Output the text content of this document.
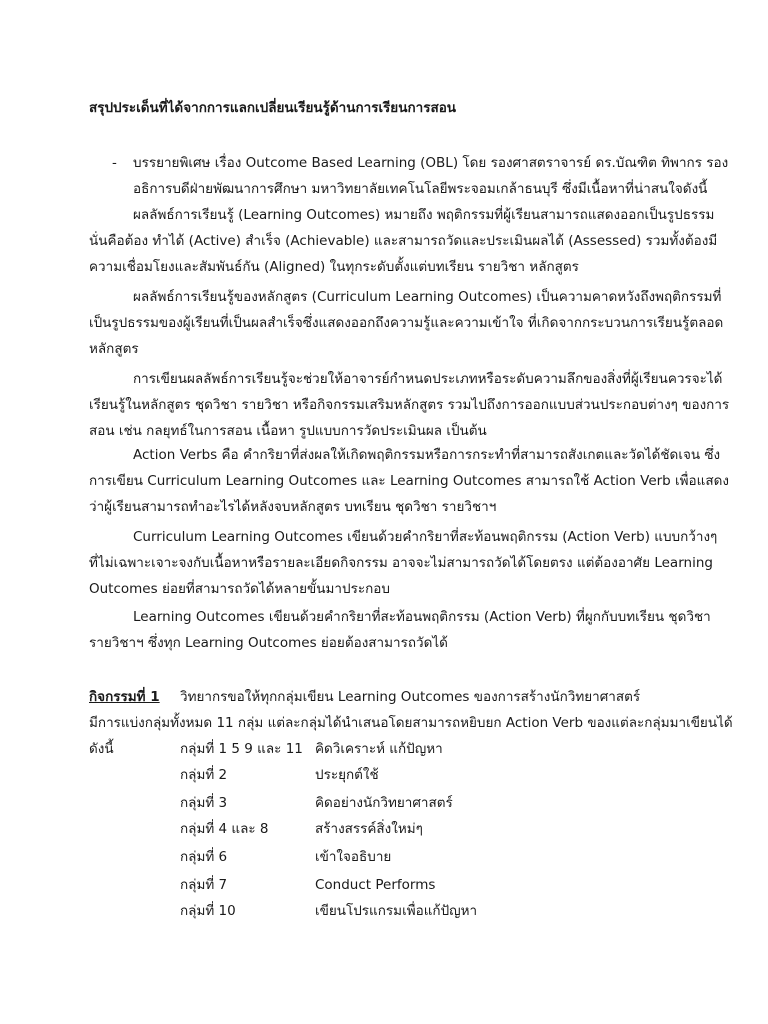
สรุปประเด็นที่ได้จากการแลกเปลี่ยนเรียนรู้ด้านการเรียนการสอน
- บรรยายพิเศษ เรื่อง Outcome Based Learning (OBL) โดย รองศาสตราจารย์ ดร.บัณฑิต ทิพากร รอง
อธิการบดีฝ่ายพัฒนาการศึกษา มหาวิทยาลัยเทคโนโลยีพระจอมเกล้าธนบุรี ซึ่งมีเนื้อหาที่น่าสนใจดังนี้
ผลลัพธ์การเรียนรู้ (Learning Outcomes) หมายถึง พฤติกรรมที่ผู้เรียนสามารถแสดงออกเป็นรูปธรรม
นั่นคือต้อง ทำได้ (Active) สำเร็จ (Achievable) และสามารถวัดและประเมินผลได้ (Assessed) รวมทั้งต้องมี
ความเชื่อมโยงและสัมพันธ์กัน (Aligned) ในทุกระดับตั้งแต่บทเรียน รายวิชา หลักสูตร
ผลลัพธ์การเรียนรู้ของหลักสูตร (Curriculum Learning Outcomes) เป็นความคาดหวังถึงพฤติกรรมที่
เป็นรูปธรรมของผู้เรียนที่เป็นผลสำเร็จซึ่งแสดงออกถึงความรู้และความเข้าใจ ที่เกิดจากกระบวนการเรียนรู้ตลอด
หลักสูตร
การเขียนผลลัพธ์การเรียนรู้จะช่วยให้อาจารย์กำหนดประเภทหรือระดับความลึกของสิ่งที่ผู้เรียนควรจะได้
เรียนรู้ในหลักสูตร ชุดวิชา รายวิชา หรือกิจกรรมเสริมหลักสูตร รวมไปถึงการออกแบบส่วนประกอบต่างๆ ของการ
สอน เช่น กลยุทธ์ในการสอน เนื้อหา รูปแบบการวัดประเมินผล เป็นต้น
Action Verbs คือ คำกริยาที่ส่งผลให้เกิดพฤติกรรมหรือการกระทำที่สามารถสังเกตและวัดได้ชัดเจน ซึ่ง
การเขียน Curriculum Learning Outcomes และ Learning Outcomes สามารถใช้ Action Verb เพื่อแสดง
ว่าผู้เรียนสามารถทำอะไรได้หลังจบหลักสูตร บทเรียน ชุดวิชา รายวิชาฯ
Curriculum Learning Outcomes เขียนด้วยคำกริยาที่สะท้อนพฤติกรรม (Action Verb) แบบกว้างๆ
ที่ไม่เฉพาะเจาะจงกับเนื้อหาหรือรายละเอียดกิจกรรม อาจจะไม่สามารถวัดได้โดยตรง แต่ต้องอาศัย Learning
Outcomes ย่อยที่สามารถวัดได้หลายขั้นมาประกอบ
Learning Outcomes เขียนด้วยคำกริยาที่สะท้อนพฤติกรรม (Action Verb) ที่ผูกกับบทเรียน ชุดวิชา
รายวิชาฯ ซึ่งทุก Learning Outcomes ย่อยต้องสามารถวัดได้
กิจกรรมที่ 1 วิทยากรขอให้ทุกกลุ่มเขียน Learning Outcomes ของการสร้างนักวิทยาศาสตร์
มีการแบ่งกลุ่มทั้งหมด 11 กลุ่ม แต่ละกลุ่มได้นำเสนอโดยสามารถหยิบยก Action Verb ของแต่ละกลุ่มมาเขียนได้
ดังนี้	กลุ่มที่ 1 5 9 และ 11 คิดวิเคราะห์ แก้ปัญหา
กลุ่มที่ 2	ประยุกต์ใช้
กลุ่มที่ 3	คิดอย่างนักวิทยาศาสตร์
กลุ่มที่ 4 และ 8	สร้างสรรค์สิ่งใหม่ๆ
กลุ่มที่ 6	เข้าใจอธิบาย
กลุ่มที่ 7	Conduct Performs
กลุ่มที่ 10	เขียนโปรแกรมเพื่อแก้ปัญหา
